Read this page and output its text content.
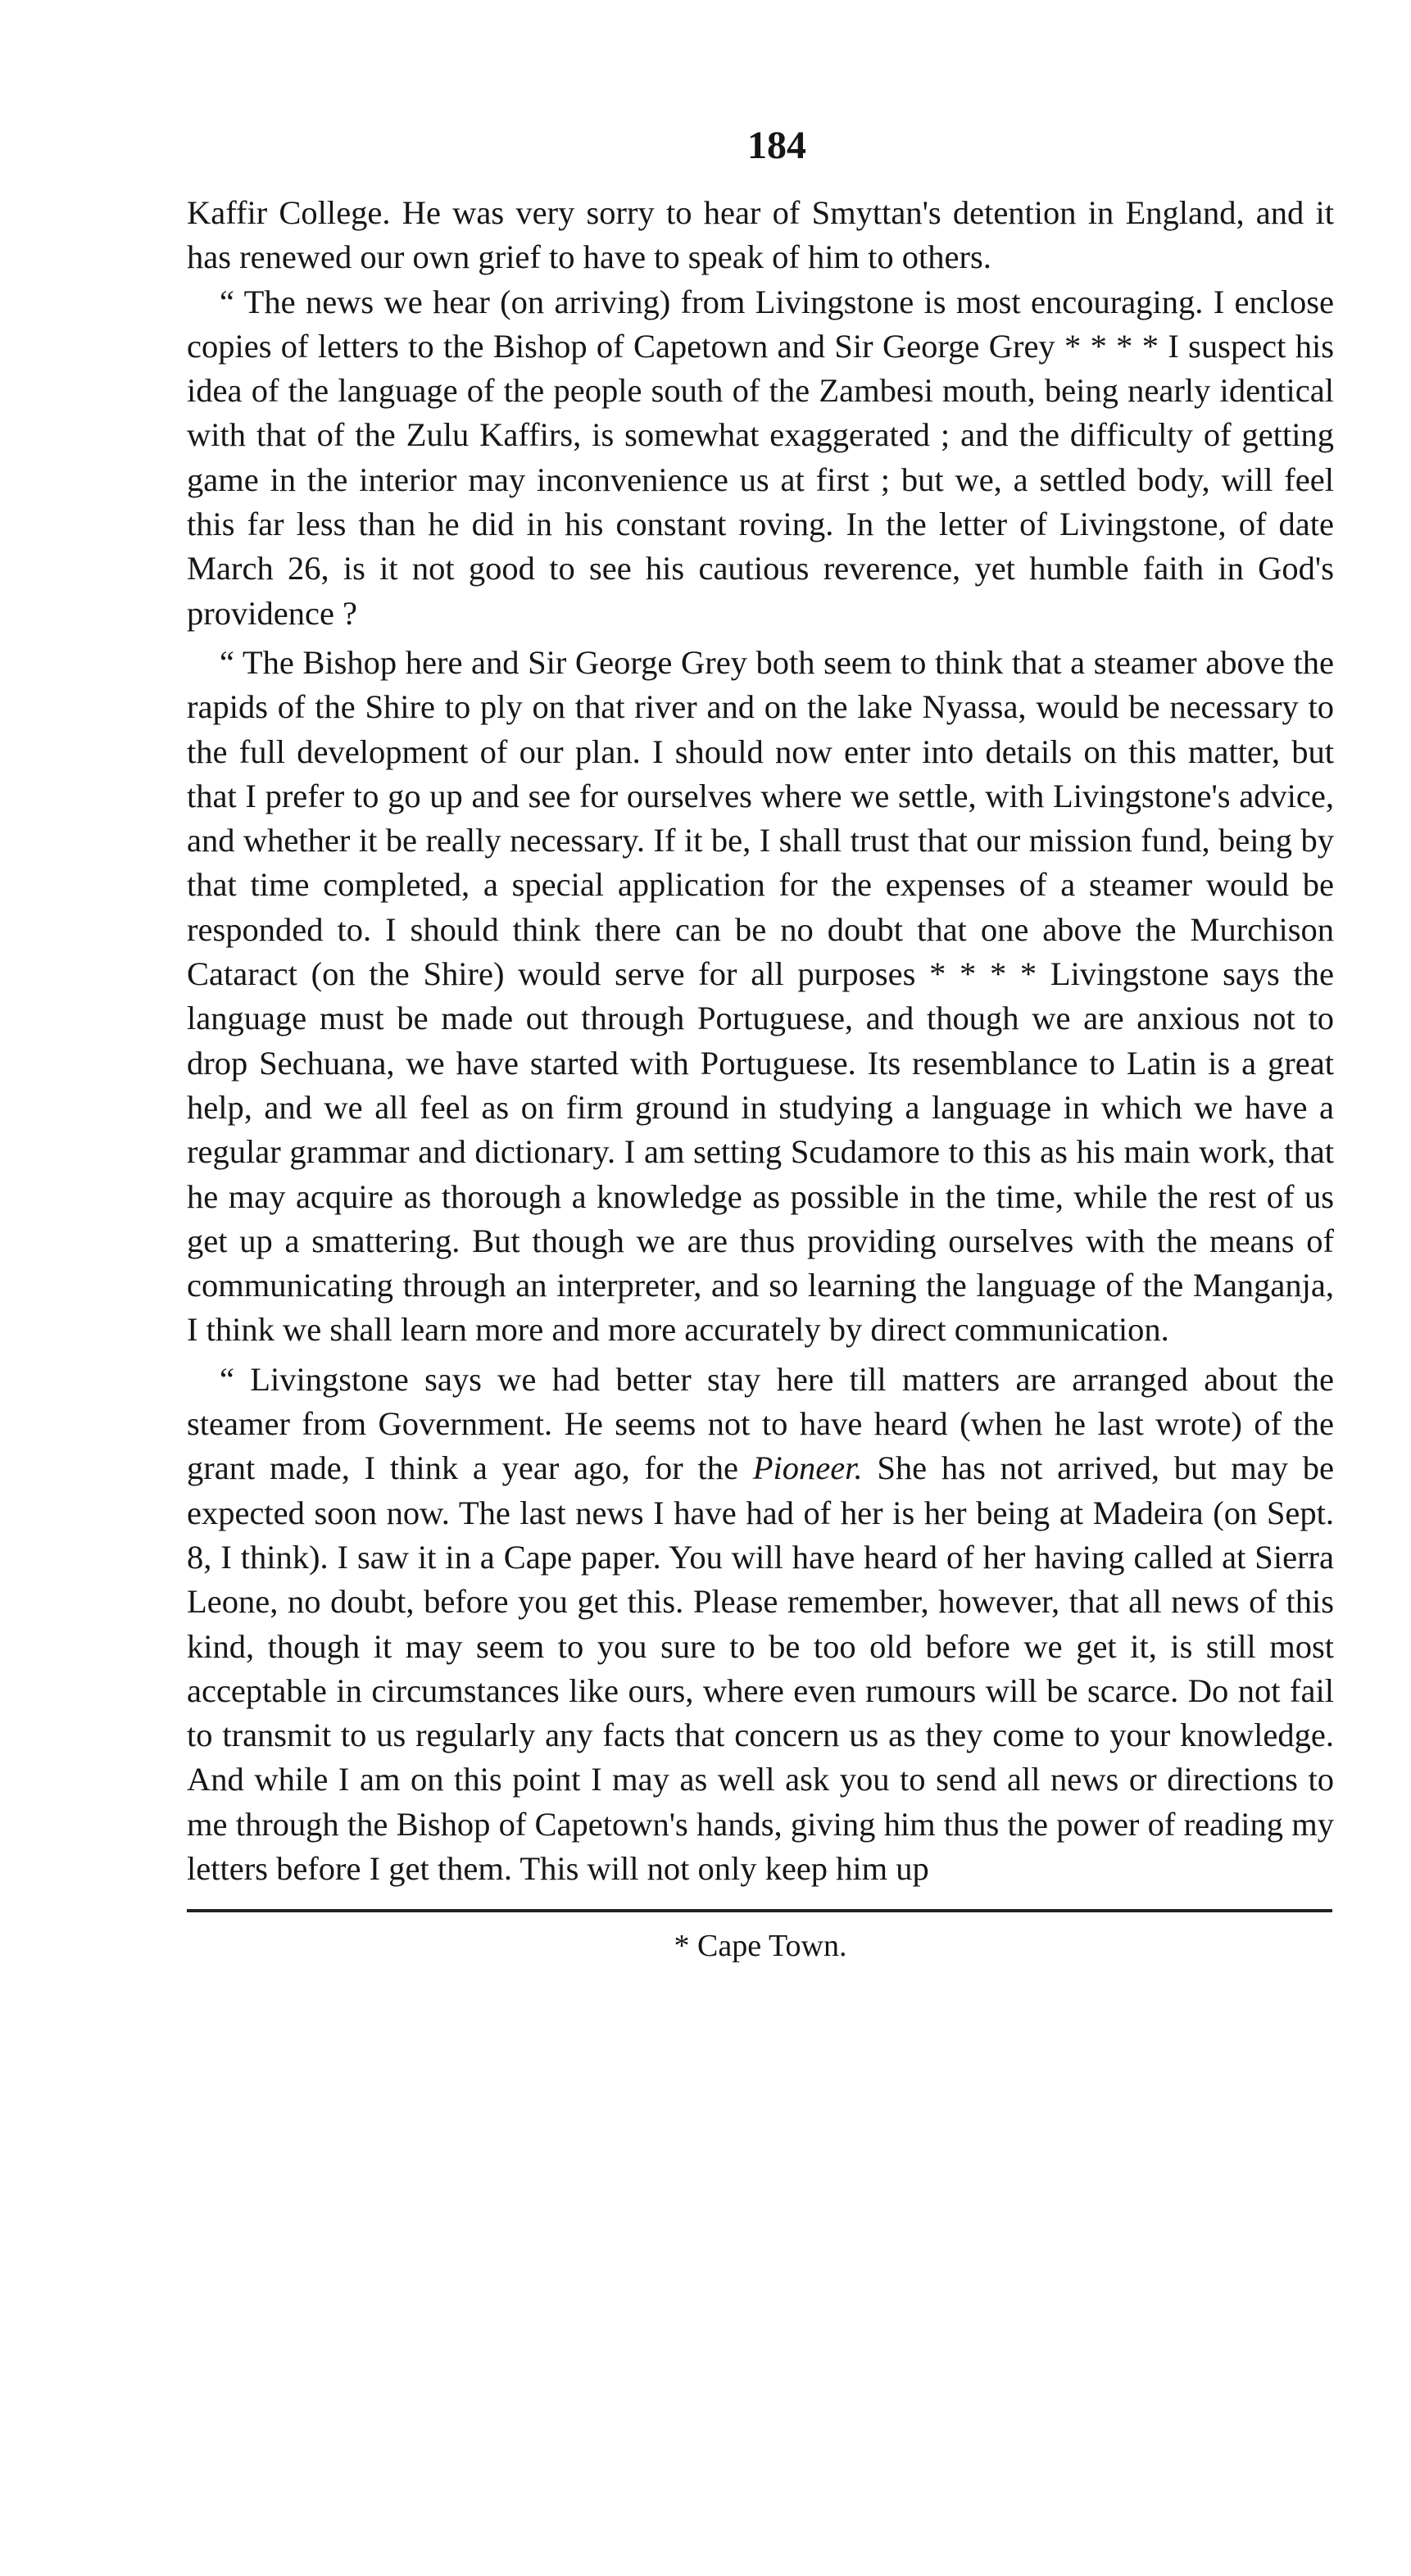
184

Kaffir College. He was very sorry to hear of Smyttan's detention in England, and it has renewed our own grief to have to speak of him to others.

“ The news we hear (on arriving) from Livingstone is most encouraging. I enclose copies of letters to the Bishop of Capetown and Sir George Grey * * * * I suspect his idea of the language of the people south of the Zambesi mouth, being nearly identical with that of the Zulu Kaffirs, is somewhat exaggerated ; and the difficulty of getting game in the interior may inconvenience us at first ; but we, a settled body, will feel this far less than he did in his constant roving. In the letter of Livingstone, of date March 26, is it not good to see his cautious reverence, yet humble faith in God's providence ?

“ The Bishop here and Sir George Grey both seem to think that a steamer above the rapids of the Shire to ply on that river and on the lake Nyassa, would be necessary to the full development of our plan. I should now enter into details on this matter, but that I prefer to go up and see for ourselves where we settle, with Livingstone's advice, and whether it be really necessary. If it be, I shall trust that our mission fund, being by that time completed, a special application for the expenses of a steamer would be responded to. I should think there can be no doubt that one above the Murchison Cataract (on the Shire) would serve for all purposes * * * * Livingstone says the language must be made out through Portuguese, and though we are anxious not to drop Sechuana, we have started with Portuguese. Its resemblance to Latin is a great help, and we all feel as on firm ground in studying a language in which we have a regular grammar and dictionary. I am setting Scudamore to this as his main work, that he may acquire as thorough a knowledge as possible in the time, while the rest of us get up a smattering. But though we are thus providing ourselves with the means of communicating through an interpreter, and so learning the language of the Manganja, I think we shall learn more and more accurately by direct communication.

“ Livingstone says we had better stay here till matters are arranged about the steamer from Government. He seems not to have heard (when he last wrote) of the grant made, I think a year ago, for the Pioneer. She has not arrived, but may be expected soon now. The last news I have had of her is her being at Madeira (on Sept. 8, I think). I saw it in a Cape paper. You will have heard of her having called at Sierra Leone, no doubt, before you get this. Please remember, however, that all news of this kind, though it may seem to you sure to be too old before we get it, is still most acceptable in circumstances like ours, where even rumours will be scarce. Do not fail to transmit to us regularly any facts that concern us as they come to your knowledge. And while I am on this point I may as well ask you to send all news or directions to me through the Bishop of Capetown's hands, giving him thus the power of reading my letters before I get them. This will not only keep him up

* Cape Town.
